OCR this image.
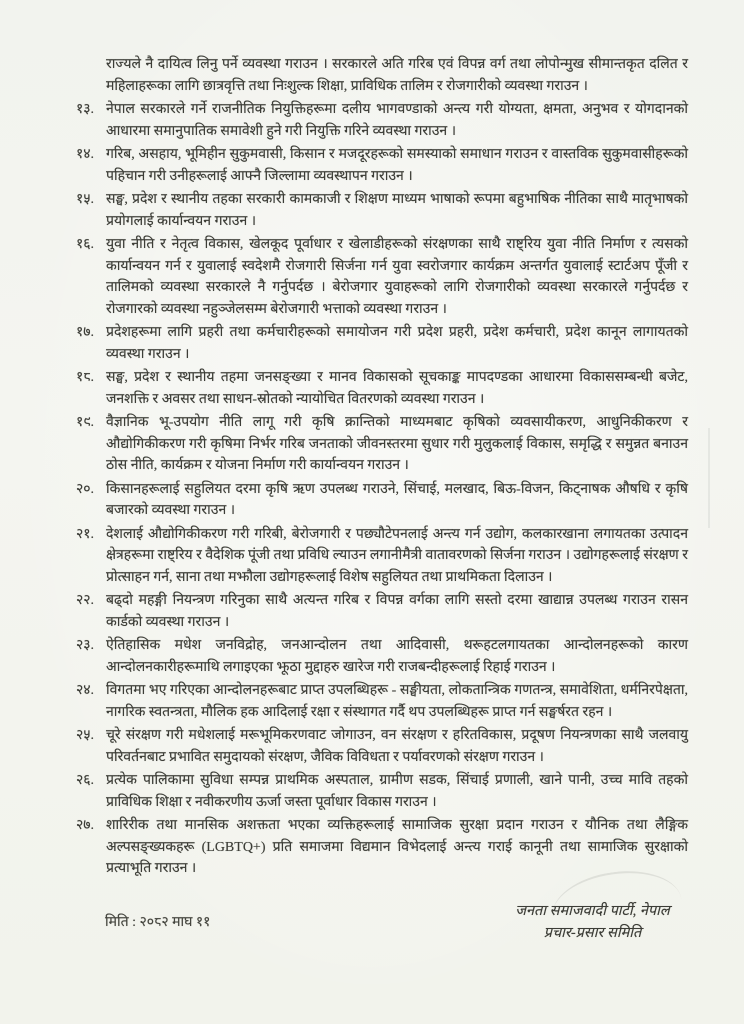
राज्यले नै दायित्व लिनु पर्ने व्यवस्था गराउन । सरकारले अति गरिब एवं विपन्न वर्ग तथा लोपोन्मुख सीमान्तकृत दलित र महिलाहरूका लागि छात्रवृत्ति तथा निःशुल्क शिक्षा, प्राविधिक तालिम र रोजगारीको व्यवस्था गराउन ।

१३. नेपाल सरकारले गर्ने राजनीतिक नियुक्तिहरूमा दलीय भागवण्डाको अन्त्य गरी योग्यता, क्षमता, अनुभव र योगदानको आधारमा समानुपातिक समावेशी हुने गरी नियुक्ति गरिने व्यवस्था गराउन ।
१४. गरिब, असहाय, भूमिहीन सुकुमवासी, किसान र मजदूरहरूको समस्याको समाधान गराउन र वास्तविक सुकुमवासीहरूको पहिचान गरी उनीहरूलाई आफ्नै जिल्लामा व्यवस्थापन गराउन ।
१५. सङ्घ, प्रदेश र स्थानीय तहका सरकारी कामकाजी र शिक्षण माध्यम भाषाको रूपमा बहुभाषिक नीतिका साथै मातृभाषको प्रयोगलाई कार्यान्वयन गराउन ।
१६. युवा नीति र नेतृत्व विकास, खेलकूद पूर्वाधार र खेलाडीहरूको संरक्षणका साथै राष्ट्रिय युवा नीति निर्माण र त्यसको कार्यान्वयन गर्न र युवालाई स्वदेशमै रोजगारी सिर्जना गर्न युवा स्वरोजगार कार्यक्रम अन्तर्गत युवालाई स्टार्टअप पूँजी र तालिमको व्यवस्था सरकारले नै गर्नुपर्दछ । बेरोजगार युवाहरूको लागि रोजगारीको व्यवस्था सरकारले गर्नुपर्दछ र रोजगारको व्यवस्था नहुञ्जेलसम्म बेरोजगारी भत्ताको व्यवस्था गराउन ।
१७. प्रदेशहरूमा लागि प्रहरी तथा कर्मचारीहरूको समायोजन गरी प्रदेश प्रहरी, प्रदेश कर्मचारी, प्रदेश कानून लागायतको व्यवस्था गराउन ।
१८. सङ्घ, प्रदेश र स्थानीय तहमा जनसङ्ख्या र मानव विकासको सूचकाङ्क मापदण्डका आधारमा विकाससम्बन्धी बजेट, जनशक्ति र अवसर तथा साधन-स्रोतको न्यायोचित वितरणको व्यवस्था गराउन ।
१९. वैज्ञानिक भू-उपयोग नीति लागू गरी कृषि क्रान्तिको माध्यमबाट कृषिको व्यवसायीकरण, आधुनिकीकरण र औद्योगिकीकरण गरी कृषिमा निर्भर गरिब जनताको जीवनस्तरमा सुधार गरी मुलुकलाई विकास, समृद्धि र समुन्नत बनाउन ठोस नीति, कार्यक्रम र योजना निर्माण गरी कार्यान्वयन गराउन ।
२०. किसानहरूलाई सहुलियत दरमा कृषि ऋण उपलब्ध गराउने, सिंचाई, मलखाद, बिऊ-विजन, किट्नाषक औषधि र कृषि बजारको व्यवस्था गराउन ।
२१. देशलाई औद्योगिकीकरण गरी गरिबी, बेरोजगारी र पछ्यौटेपनलाई अन्त्य गर्न उद्योग, कलकारखाना लगायतका उत्पादन क्षेत्रहरूमा राष्ट्रिय र वैदेशिक पूंजी तथा प्रविधि ल्याउन लगानीमैत्री वातावरणको सिर्जना गराउन । उद्योगहरूलाई संरक्षण र प्रोत्साहन गर्न, साना तथा मझौला उद्योगहरूलाई विशेष सहुलियत तथा प्राथमिकता दिलाउन ।
२२. बढ्दो महङ्गी नियन्त्रण गरिनुका साथै अत्यन्त गरिब र विपन्न वर्गका लागि सस्तो दरमा खाद्यान्न उपलब्ध गराउन रासन कार्डको व्यवस्था गराउन ।
२३. ऐतिहासिक मधेश जनविद्रोह, जनआन्दोलन तथा आदिवासी, थरूहटलगायतका आन्दोलनहरूको कारण आन्दोलनकारीहरूमाथि लगाइएका झूठा मुद्दाहरु खारेज गरी राजबन्दीहरूलाई रिहाई गराउन ।
२४. विगतमा भए गरिएका आन्दोलनहरूबाट प्राप्त उपलब्धिहरू - सङ्घीयता, लोकतान्त्रिक गणतन्त्र, समावेशिता, धर्मनिरपेक्षता, नागरिक स्वतन्त्रता, मौलिक हक आदिलाई रक्षा र संस्थागत गर्दै थप उपलब्धिहरू प्राप्त गर्न सङ्घर्षरत रहन ।
२५. चूरे संरक्षण गरी मधेशलाई मरूभूमिकरणवाट जोगाउन, वन संरक्षण र हरितविकास, प्रदूषण नियन्त्रणका साथै जलवायु परिवर्तनबाट प्रभावित समुदायको संरक्षण, जैविक विविधता र पर्यावरणको संरक्षण गराउन ।
२६. प्रत्येक पालिकामा सुविधा सम्पन्न प्राथमिक अस्पताल, ग्रामीण सडक, सिंचाई प्रणाली, खाने पानी, उच्च मावि तहको प्राविधिक शिक्षा र नवीकरणीय ऊर्जा जस्ता पूर्वाधार विकास गराउन ।
२७. शारिरीक तथा मानसिक अशक्तता भएका व्यक्तिहरूलाई सामाजिक सुरक्षा प्रदान गराउन र यौनिक तथा लैङ्गिक अल्पसङ्ख्यकहरू (LGBTQ+) प्रति समाजमा विद्यमान विभेदलाई अन्त्य गराई कानूनी तथा सामाजिक सुरक्षाको प्रत्याभूति गराउन ।
मिति : २०८२ माघ ११
जनता समाजवादी पार्टी, नेपाल
प्रचार-प्रसार समिति
